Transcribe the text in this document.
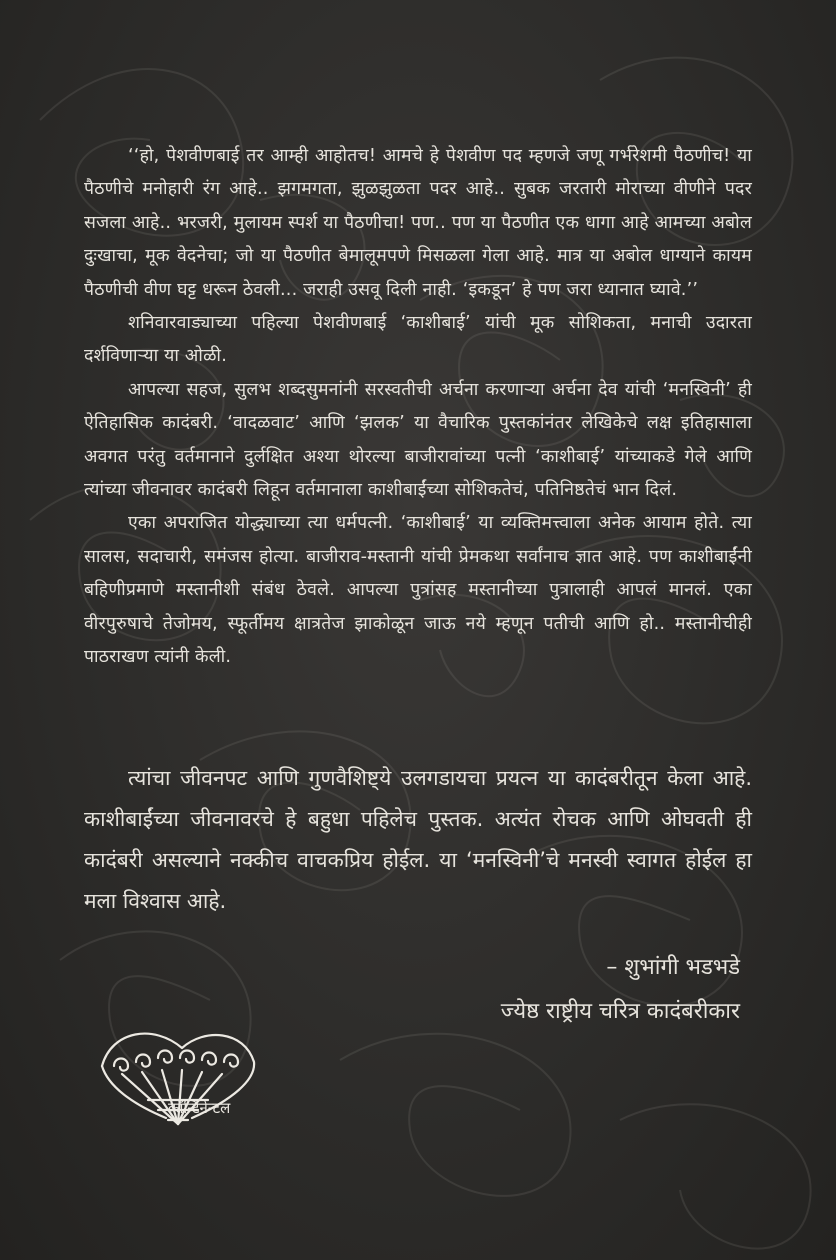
‘‘हो, पेशवीणबाई तर आम्ही आहोतच! आमचे हे पेशवीण पद म्हणजे जणू गर्भरेशमी पैठणीच! या पैठणीचे मनोहारी रंग आहे.. झगमगता, झुळझुळता पदर आहे.. सुबक जरतारी मोराच्या वीणीने पदर सजला आहे.. भरजरी, मुलायम स्पर्श या पैठणीचा! पण.. पण या पैठणीत एक धागा आहे आमच्या अबोल दुःखाचा, मूक वेदनेचा; जो या पैठणीत बेमालूमपणे मिसळला गेला आहे. मात्र या अबोल धाग्याने कायम पैठणीची वीण घट्ट धरून ठेवली... जराही उसवू दिली नाही. ‘इकडून’ हे पण जरा ध्यानात घ्यावे.’’

शनिवारवाड्याच्या पहिल्या पेशवीणबाई ‘काशीबाई’ यांची मूक सोशिकता, मनाची उदारता दर्शविणाऱ्या या ओळी.

आपल्या सहज, सुलभ शब्दसुमनांनी सरस्वतीची अर्चना करणाऱ्या अर्चना देव यांची ‘मनस्विनी’ ही ऐतिहासिक कादंबरी. ‘वादळवाट’ आणि ‘झलक’ या वैचारिक पुस्तकांनंतर लेखिकेचे लक्ष इतिहासाला अवगत परंतु वर्तमानाने दुर्लक्षित अश्या थोरल्या बाजीरावांच्या पत्नी ‘काशीबाई’ यांच्याकडे गेले आणि त्यांच्या जीवनावर कादंबरी लिहून वर्तमानाला काशीबाईंच्या सोशिकतेचं, पतिनिष्ठतेचं भान दिलं.

एका अपराजित योद्ध्याच्या त्या धर्मपत्नी. ‘काशीबाई’ या व्यक्तिमत्त्वाला अनेक आयाम होते. त्या सालस, सदाचारी, समंजस होत्या. बाजीराव-मस्तानी यांची प्रेमकथा सर्वांनाच ज्ञात आहे. पण काशीबाईंनी बहिणीप्रमाणे मस्तानीशी संबंध ठेवले. आपल्या पुत्रांसह मस्तानीच्या पुत्रालाही आपलं मानलं. एका वीरपुरुषाचे तेजोमय, स्फूर्तीमय क्षात्रतेज झाकोळून जाऊ नये म्हणून पतीची आणि हो.. मस्तानीचीही पाठराखण त्यांनी केली.

त्यांचा जीवनपट आणि गुणवैशिष्ट्ये उलगडायचा प्रयत्न या कादंबरीतून केला आहे. काशीबाईंच्या जीवनावरचे हे बहुधा पहिलेच पुस्तक. अत्यंत रोचक आणि ओघवती ही कादंबरी असल्याने नक्कीच वाचकप्रिय होईल. या ‘मनस्विनी’चे मनस्वी स्वागत होईल हा मला विश्वास आहे.

– शुभांगी भडभडे
ज्येष्ठ राष्ट्रीय चरित्र कादंबरीकार
कॉन्टिनेन्टल
